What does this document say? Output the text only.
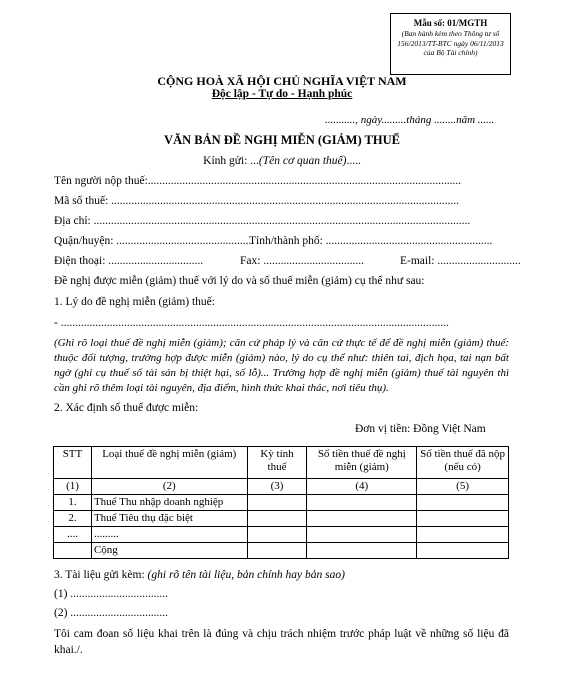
Mẫu số: 01/MGTH
(Ban hành kèm theo Thông tư số 156/2013/TT-BTC ngày 06/11/2013 của Bộ Tài chính)
CỘNG HOÀ XÃ HỘI CHỦ NGHĨA VIỆT NAM
Độc lập - Tự do - Hạnh phúc
..........., ngày.........tháng ........năm ......
VĂN BẢN ĐỀ NGHỊ MIỄN (GIẢM) THUẾ
Kính gửi: ...(Tên cơ quan thuế).....
Tên người nộp thuế:.............................................................................................................
Mã số thuế: .........................................................................................................................
Địa chỉ: ...................................................................................................................................
Quận/huyện: ................................................
Tỉnh/thành phố: ..........................................................
Điện thoại: .................................	Fax: ...................................	E-mail: .............................
Đề nghị được miễn (giảm) thuế với lý do và số thuế miễn (giảm) cụ thể như sau:
1. Lý do đề nghị miễn (giảm) thuế:
- .......................................................................................................................................
(Ghi rõ loại thuế đề nghị miễn (giảm); căn cứ pháp lý và căn cứ thực tế để đề nghị miễn (giảm) thuế: thuộc đối tượng, trường hợp được miễn (giảm) nào, lý do cụ thể như: thiên tai, địch họa, tai nạn bất ngờ (ghi cụ thuể số tài sản bị thiệt hại, số lỗ)... Trường hợp đề nghị miễn (giảm) thuế tài nguyên thì cần ghi rõ thêm loại tài nguyên, địa điểm, hình thức khai thác, nơi tiêu thụ).
2. Xác định số thuế được miễn:
Đơn vị tiền: Đồng Việt Nam
STT	Loại thuế đề nghị miễn (giảm)	Kỳ tính thuế	Số tiền thuế đề nghị miễn (giảm)	Số tiền thuế đã nộp (nếu có)
(1)	(2)	(3)	(4)	(5)
1.	Thuế Thu nhập doanh nghiệp			
2.	Thuế Tiêu thụ đặc biệt			
....	.........			
	Cộng			
3. Tài liệu gửi kèm: (ghi rõ tên tài liệu, bản chính hay bản sao)
(1) ..................................
(2) ..................................
Tôi cam đoan số liệu khai trên là đúng và chịu trách nhiệm trước pháp luật về những số liệu đã khai./.
